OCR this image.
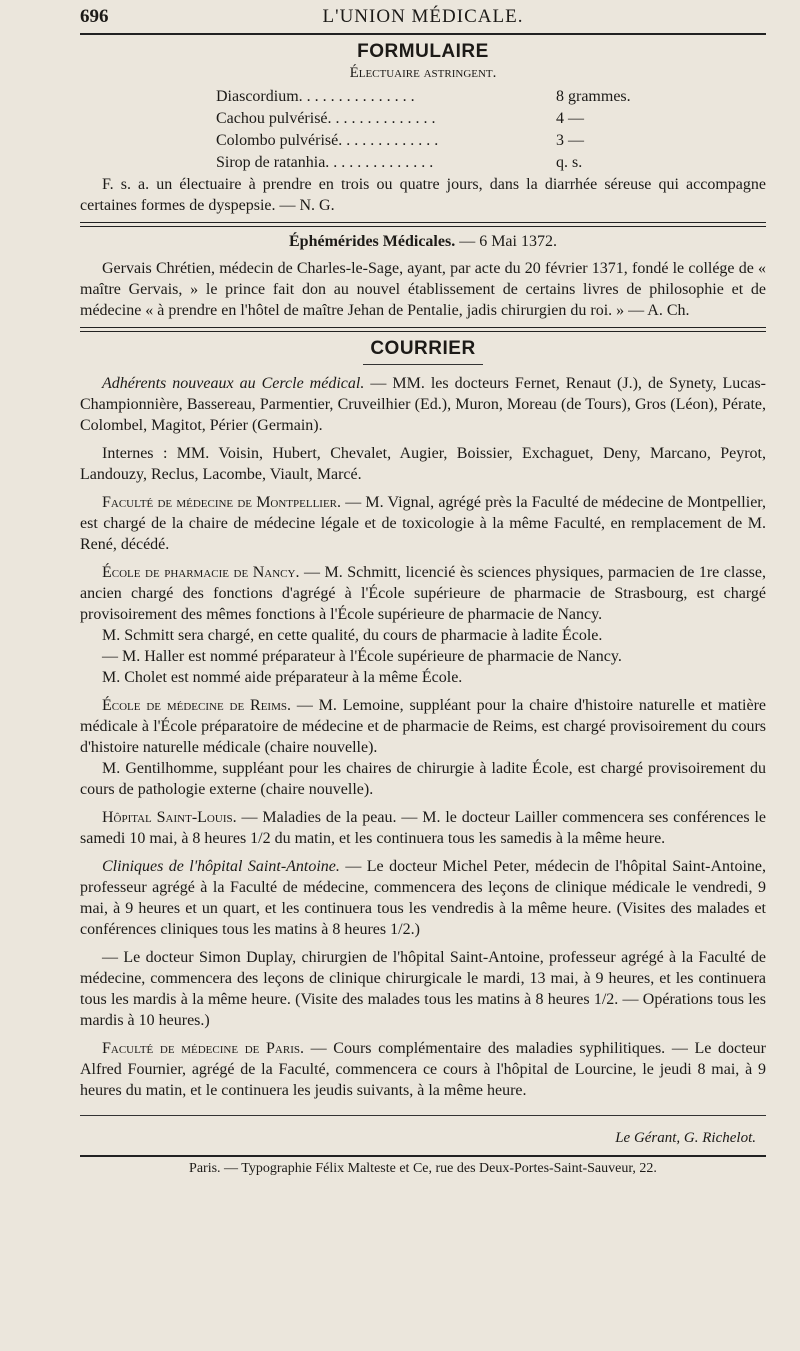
696	L'UNION MÉDICALE.
FORMULAIRE
Électuaire astringent.
Diascordium. . . . . . . . . . . . . . .	8 grammes.
Cachou pulvérisé. . . . . . . . . . . . . .	4 —
Colombo pulvérisé. . . . . . . . . . . . .	3 —
Sirop de ratanhia. . . . . . . . . . . . . .	q. s.

F. s. a. un électuaire à prendre en trois ou quatre jours, dans la diarrhée séreuse qui accompagne certaines formes de dyspepsie. — N. G.

Éphémérides Médicales. — 6 Mai 1372.

Gervais Chrétien, médecin de Charles-le-Sage, ayant, par acte du 20 février 1371, fondé le collége de « maître Gervais, » le prince fait don au nouvel établissement de certains livres de philosophie et de médecine « à prendre en l'hôtel de maître Jehan de Pentalie, jadis chirurgien du roi. » — A. Ch.

COURRIER

Adhérents nouveaux au Cercle médical. — MM. les docteurs Fernet, Renaut (J.), de Synety, Lucas-Championnière, Bassereau, Parmentier, Cruveilhier (Ed.), Muron, Moreau (de Tours), Gros (Léon), Pérate, Colombel, Magitot, Périer (Germain).

Internes : MM. Voisin, Hubert, Chevalet, Augier, Boissier, Exchaguet, Deny, Marcano, Peyrot, Landouzy, Reclus, Lacombe, Viault, Marcé.

Faculté de médecine de Montpellier. — M. Vignal, agrégé près la Faculté de médecine de Montpellier, est chargé de la chaire de médecine légale et de toxicologie à la même Faculté, en remplacement de M. René, décédé.

École de pharmacie de Nancy. — M. Schmitt, licencié ès sciences physiques, parmacien de 1re classe, ancien chargé des fonctions d'agrégé à l'École supérieure de pharmacie de Strasbourg, est chargé provisoirement des mêmes fonctions à l'École supérieure de pharmacie de Nancy.

M. Schmitt sera chargé, en cette qualité, du cours de pharmacie à ladite École.

— M. Haller est nommé préparateur à l'École supérieure de pharmacie de Nancy.

M. Cholet est nommé aide préparateur à la même École.

École de médecine de Reims. — M. Lemoine, suppléant pour la chaire d'histoire naturelle et matière médicale à l'École préparatoire de médecine et de pharmacie de Reims, est chargé provisoirement du cours d'histoire naturelle médicale (chaire nouvelle).

M. Gentilhomme, suppléant pour les chaires de chirurgie à ladite École, est chargé provisoirement du cours de pathologie externe (chaire nouvelle).

Hôpital Saint-Louis. — Maladies de la peau. — M. le docteur Lailler commencera ses conférences le samedi 10 mai, à 8 heures 1/2 du matin, et les continuera tous les samedis à la même heure.

Cliniques de l'hôpital Saint-Antoine. — Le docteur Michel Peter, médecin de l'hôpital Saint-Antoine, professeur agrégé à la Faculté de médecine, commencera des leçons de clinique médicale le vendredi, 9 mai, à 9 heures et un quart, et les continuera tous les vendredis à la même heure. (Visites des malades et conférences cliniques tous les matins à 8 heures 1/2.)

— Le docteur Simon Duplay, chirurgien de l'hôpital Saint-Antoine, professeur agrégé à la Faculté de médecine, commencera des leçons de clinique chirurgicale le mardi, 13 mai, à 9 heures, et les continuera tous les mardis à la même heure. (Visite des malades tous les matins à 8 heures 1/2. — Opérations tous les mardis à 10 heures.)

Faculté de médecine de Paris. — Cours complémentaire des maladies syphilitiques. — Le docteur Alfred Fournier, agrégé de la Faculté, commencera ce cours à l'hôpital de Lourcine, le jeudi 8 mai, à 9 heures du matin, et le continuera les jeudis suivants, à la même heure.

Le Gérant, G. Richelot.
Paris. — Typographie Félix Malteste et Ce, rue des Deux-Portes-Saint-Sauveur, 22.
